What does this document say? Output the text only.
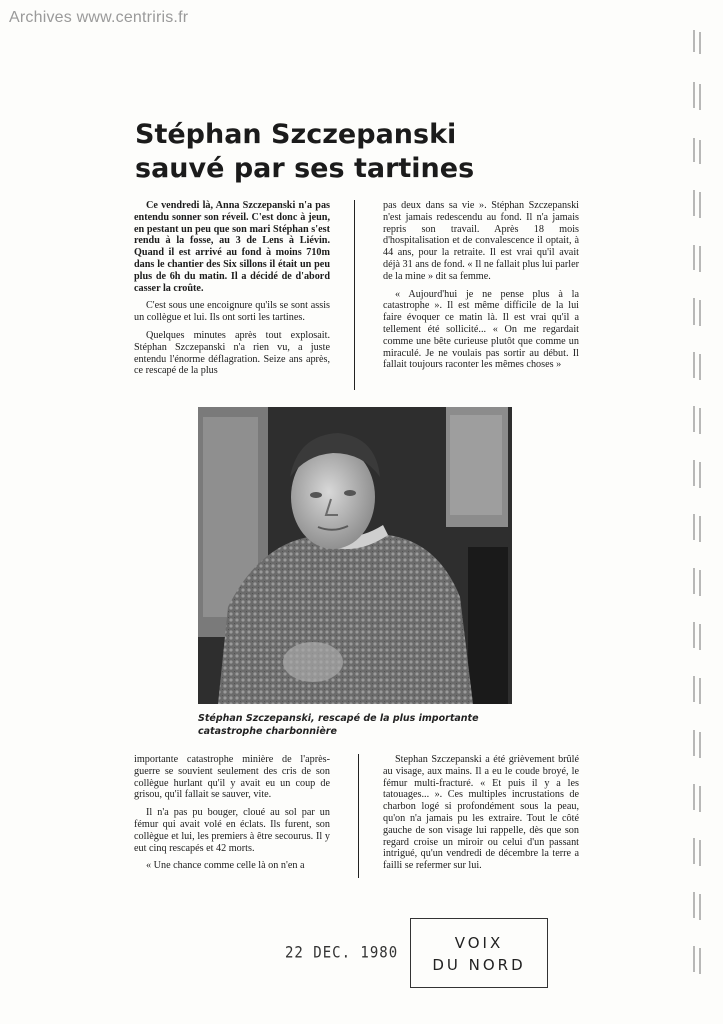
Archives www.centriris.fr
Stéphan Szczepanski
sauvé par ses tartines

Ce vendredi là, Anna Szczepanski n'a pas entendu sonner son réveil. C'est donc à jeun, en pestant un peu que son mari Stéphan s'est rendu à la fosse, au 3 de Lens à Liévin. Quand il est arrivé au fond à moins 710m dans le chantier des Six sillons il était un peu plus de 6h du matin. Il a décidé de d'abord casser la croûte.

C'est sous une encoignure qu'ils se sont assis un collègue et lui. Ils ont sorti les tartines.

Quelques minutes après tout explosait. Stéphan Szczepanski n'a rien vu, a juste entendu l'énorme déflagration. Seize ans après, ce rescapé de la plus

pas deux dans sa vie ». Stéphan Szczepanski n'est jamais redescendu au fond. Il n'a jamais repris son travail. Après 18 mois d'hospitalisation et de convalescence il optait, à 44 ans, pour la retraite. Il est vrai qu'il avait déjà 31 ans de fond. « Il ne fallait plus lui parler de la mine » dit sa femme.

« Aujourd'hui je ne pense plus à la catastrophe ». Il est même difficile de la lui faire évoquer ce matin là. Il est vrai qu'il a tellement été sollicité... « On me regardait comme une bête curieuse plutôt que comme un miraculé. Je ne voulais pas sortir au début. Il fallait toujours raconter les mêmes choses »

Stéphan Szczepanski, rescapé de la plus importante catastrophe charbonnière

importante catastrophe minière de l'après-guerre se souvient seulement des cris de son collègue hurlant qu'il y avait eu un coup de grisou, qu'il fallait se sauver, vite.

Il n'a pas pu bouger, cloué au sol par un fémur qui avait volé en éclats. Ils furent, son collègue et lui, les premiers à être secourus. Il y eut cinq rescapés et 42 morts.

« Une chance comme celle là on n'en a

Stephan Szczepanski a été grièvement brûlé au visage, aux mains. Il a eu le coude broyé, le fémur multi-fracturé. « Et puis il y a les tatouages... ». Ces multiples incrustations de charbon logé si profondément sous la peau, qu'on n'a jamais pu les extraire. Tout le côté gauche de son visage lui rappelle, dès que son regard croise un miroir ou celui d'un passant intrigué, qu'un vendredi de décembre la terre a failli se refermer sur lui.

22 DEC. 1980
VOIX
DU NORD
